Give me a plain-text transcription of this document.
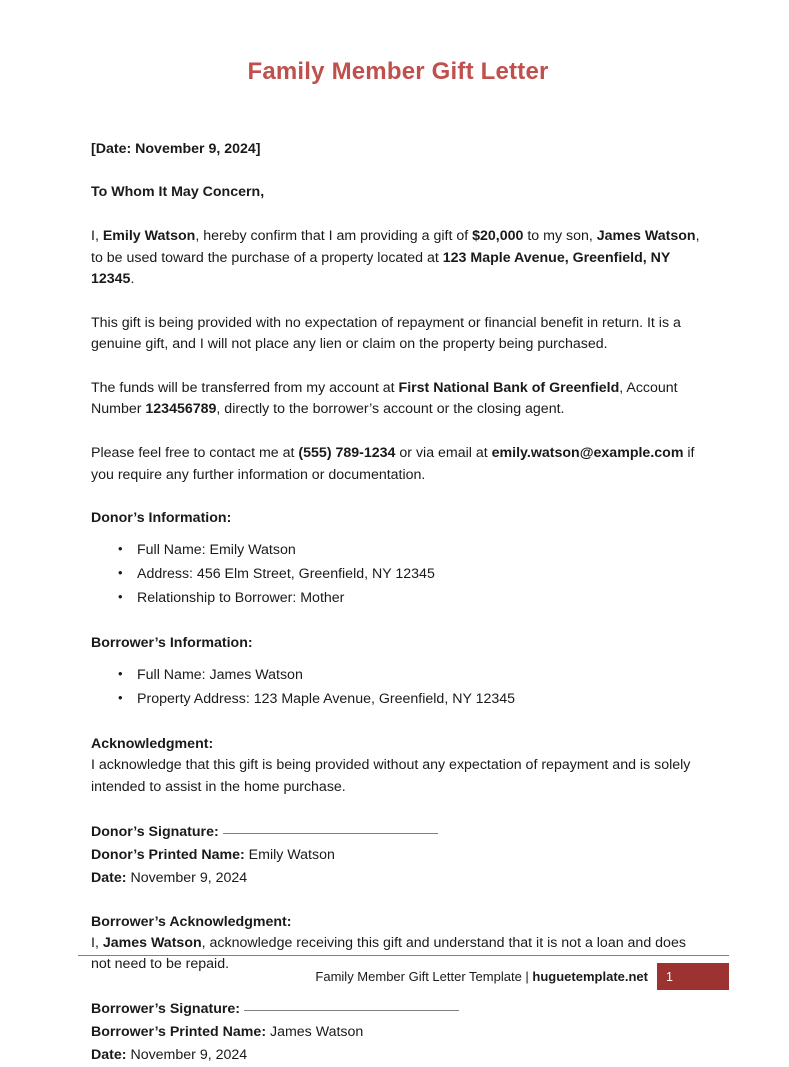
Family Member Gift Letter

[Date: November 9, 2024]

To Whom It May Concern,

I, Emily Watson, hereby confirm that I am providing a gift of $20,000 to my son, James Watson, to be used toward the purchase of a property located at 123 Maple Avenue, Greenfield, NY 12345.

This gift is being provided with no expectation of repayment or financial benefit in return. It is a genuine gift, and I will not place any lien or claim on the property being purchased.

The funds will be transferred from my account at First National Bank of Greenfield, Account Number 123456789, directly to the borrower’s account or the closing agent.

Please feel free to contact me at (555) 789-1234 or via email at emily.watson@example.com if you require any further information or documentation.

Donor’s Information:

• Full Name: Emily Watson
• Address: 456 Elm Street, Greenfield, NY 12345
• Relationship to Borrower: Mother

Borrower’s Information:

• Full Name: James Watson
• Property Address: 123 Maple Avenue, Greenfield, NY 12345

Acknowledgment:

I acknowledge that this gift is being provided without any expectation of repayment and is solely intended to assist in the home purchase.

Donor’s Signature:
Donor’s Printed Name: Emily Watson
Date: November 9, 2024

Borrower’s Acknowledgment:

I, James Watson, acknowledge receiving this gift and understand that it is not a loan and does not need to be repaid.

Borrower’s Signature:
Borrower’s Printed Name: James Watson
Date: November 9, 2024
Family Member Gift Letter Template | huguetemplate.net	1
